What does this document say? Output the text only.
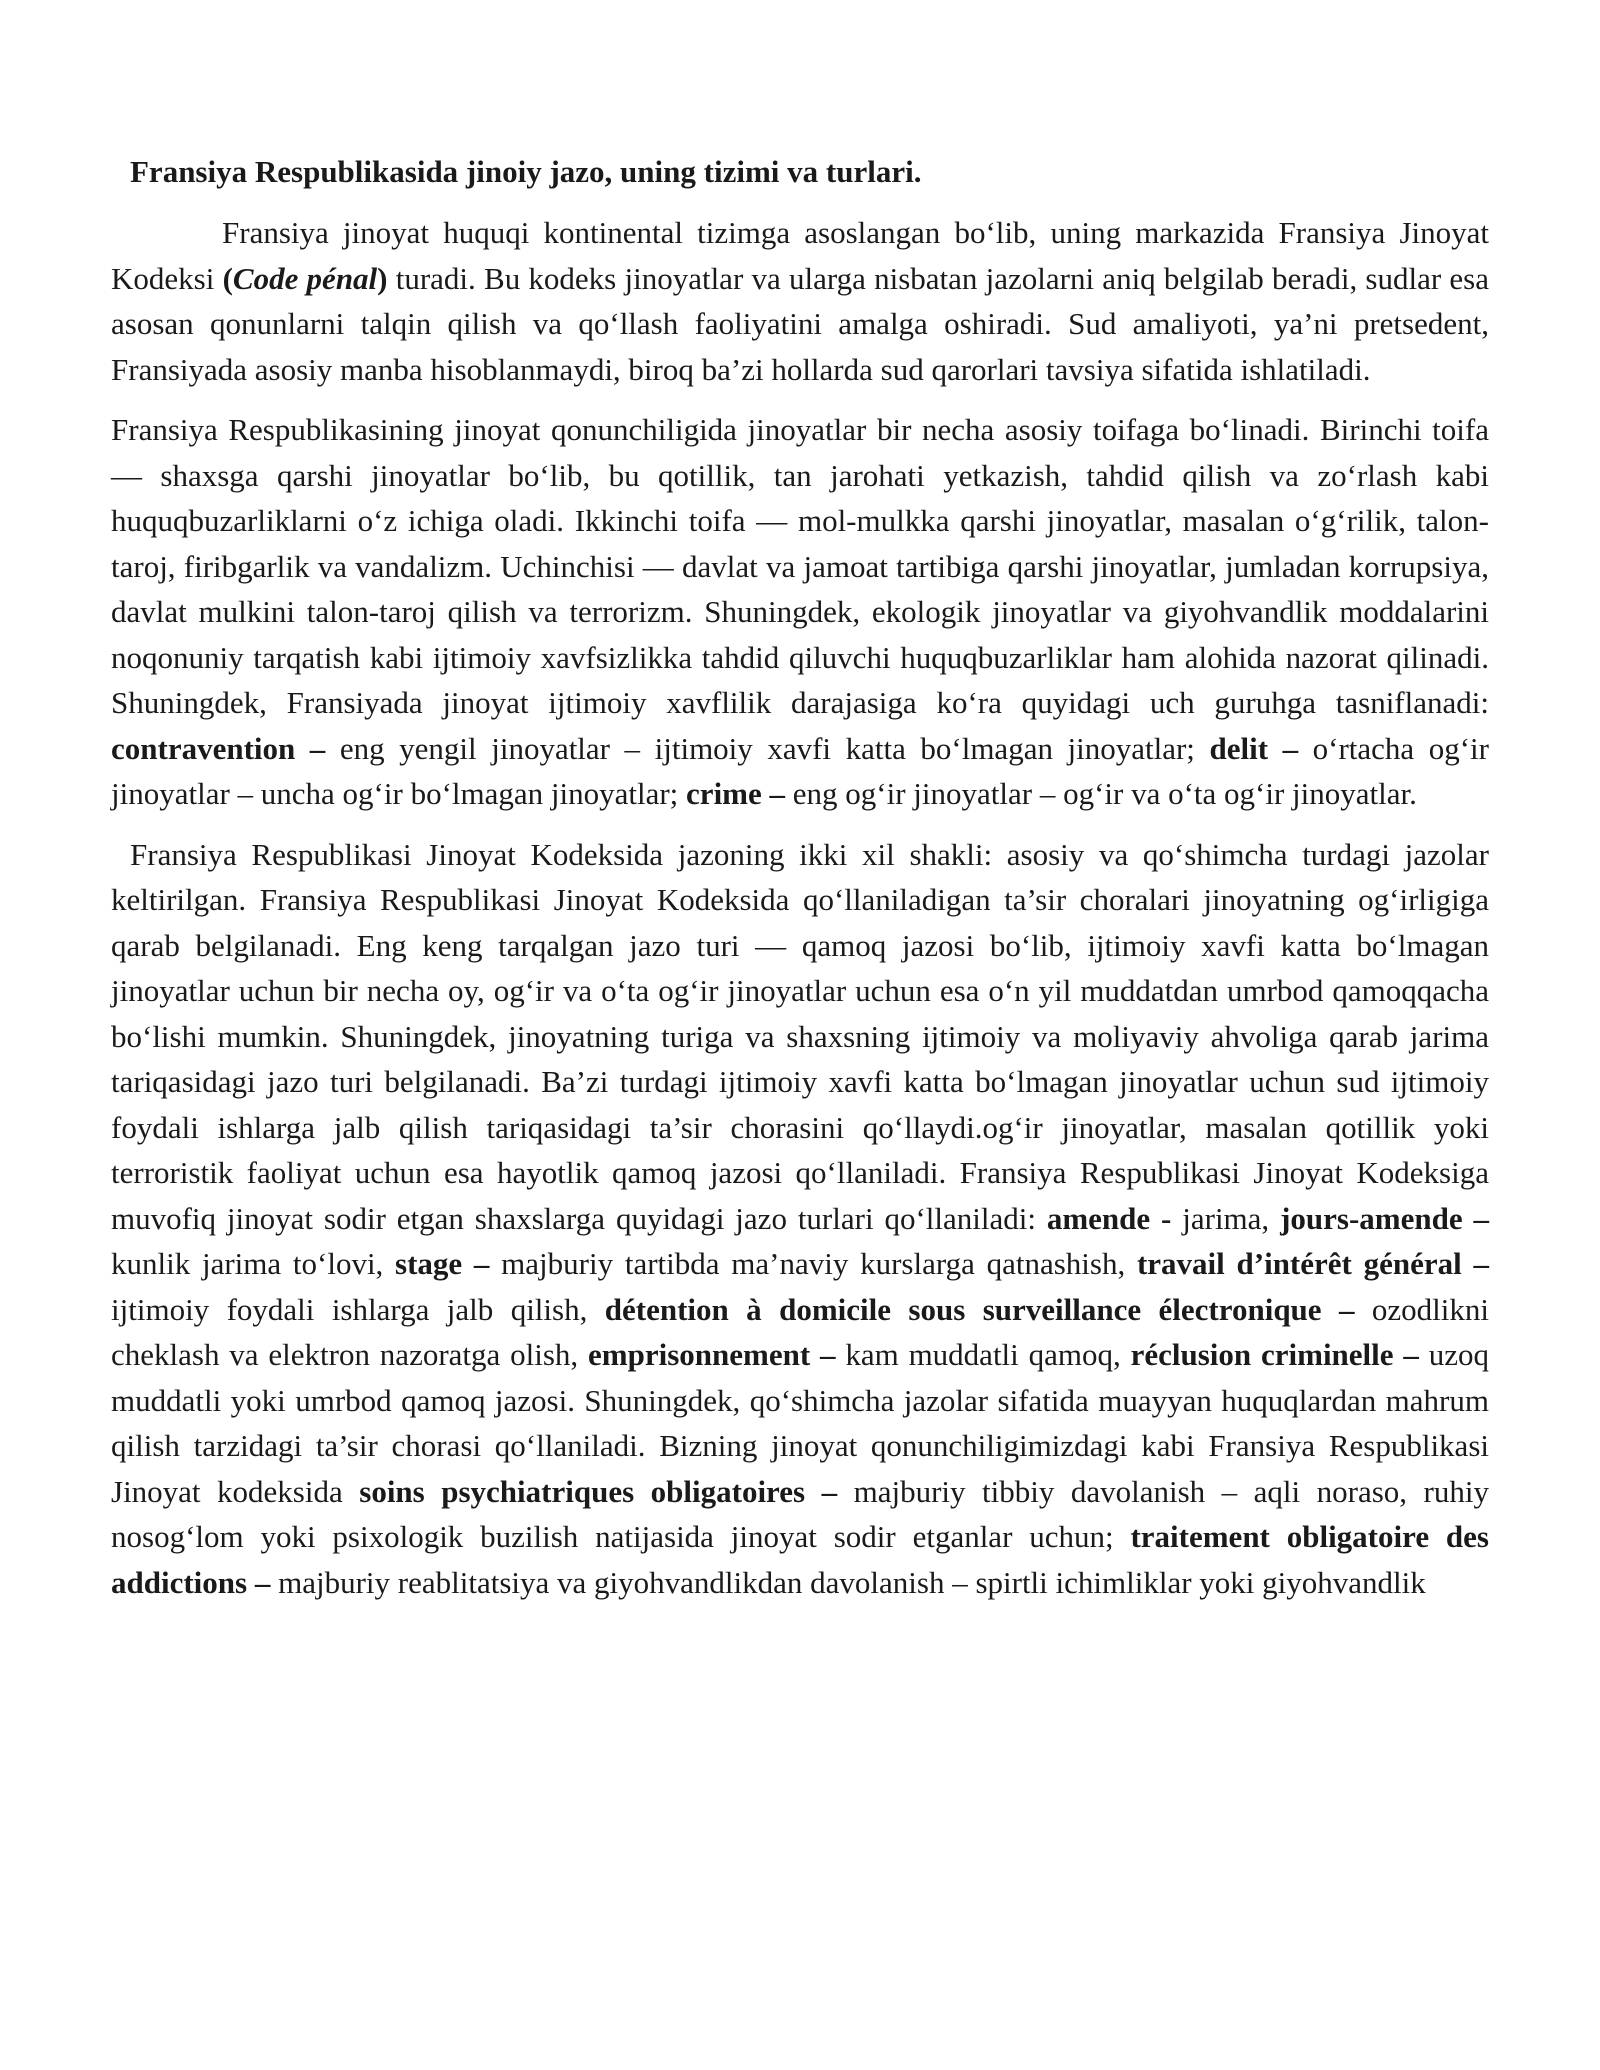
Fransiya Respublikasida jinoiy jazo, uning tizimi va turlari.

Fransiya jinoyat huquqi kontinental tizimga asoslangan bo‘lib, uning markazida Fransiya Jinoyat Kodeksi (Code pénal) turadi. Bu kodeks jinoyatlar va ularga nisbatan jazolarni aniq belgilab beradi, sudlar esa asosan qonunlarni talqin qilish va qo‘llash faoliyatini amalga oshiradi. Sud amaliyoti, ya’ni pretsedent, Fransiyada asosiy manba hisoblanmaydi, biroq ba’zi hollarda sud qarorlari tavsiya sifatida ishlatiladi.

Fransiya Respublikasining jinoyat qonunchiligida jinoyatlar bir necha asosiy toifaga bo‘linadi. Birinchi toifa — shaxsga qarshi jinoyatlar bo‘lib, bu qotillik, tan jarohati yetkazish, tahdid qilish va zo‘rlash kabi huquqbuzarliklarni o‘z ichiga oladi. Ikkinchi toifa — mol-mulkka qarshi jinoyatlar, masalan o‘g‘rilik, talon-taroj, firibgarlik va vandalizm. Uchinchisi — davlat va jamoat tartibiga qarshi jinoyatlar, jumladan korrupsiya, davlat mulkini talon-taroj qilish va terrorizm. Shuningdek, ekologik jinoyatlar va giyohvandlik moddalarini noqonuniy tarqatish kabi ijtimoiy xavfsizlikka tahdid qiluvchi huquqbuzarliklar ham alohida nazorat qilinadi. Shuningdek, Fransiyada jinoyat ijtimoiy xavflilik darajasiga ko‘ra quyidagi uch guruhga tasniflanadi: contravention – eng yengil jinoyatlar – ijtimoiy xavfi katta bo‘lmagan jinoyatlar; delit – o‘rtacha og‘ir jinoyatlar – uncha og‘ir bo‘lmagan jinoyatlar; crime – eng og‘ir jinoyatlar – og‘ir va o‘ta og‘ir jinoyatlar.

Fransiya Respublikasi Jinoyat Kodeksida jazoning ikki xil shakli: asosiy va qo‘shimcha turdagi jazolar keltirilgan. Fransiya Respublikasi Jinoyat Kodeksida qo‘llaniladigan ta’sir choralari jinoyatning og‘irligiga qarab belgilanadi. Eng keng tarqalgan jazo turi — qamoq jazosi bo‘lib, ijtimoiy xavfi katta bo‘lmagan jinoyatlar uchun bir necha oy, og‘ir va o‘ta og‘ir jinoyatlar uchun esa o‘n yil muddatdan umrbod qamoqqacha bo‘lishi mumkin. Shuningdek, jinoyatning turiga va shaxsning ijtimoiy va moliyaviy ahvoliga qarab jarima tariqasidagi jazo turi belgilanadi. Ba’zi turdagi ijtimoiy xavfi katta bo‘lmagan jinoyatlar uchun sud ijtimoiy foydali ishlarga jalb qilish tariqasidagi ta’sir chorasini qo‘llaydi.og‘ir jinoyatlar, masalan qotillik yoki terroristik faoliyat uchun esa hayotlik qamoq jazosi qo‘llaniladi. Fransiya Respublikasi Jinoyat Kodeksiga muvofiq jinoyat sodir etgan shaxslarga quyidagi jazo turlari qo‘llaniladi: amende - jarima, jours-amende – kunlik jarima to‘lovi, stage – majburiy tartibda ma’naviy kurslarga qatnashish, travail d’intérêt général – ijtimoiy foydali ishlarga jalb qilish, détention à domicile sous surveillance électronique – ozodlikni cheklash va elektron nazoratga olish, emprisonnement – kam muddatli qamoq, réclusion criminelle – uzoq muddatli yoki umrbod qamoq jazosi. Shuningdek, qo‘shimcha jazolar sifatida muayyan huquqlardan mahrum qilish tarzidagi ta’sir chorasi qo‘llaniladi. Bizning jinoyat qonunchiligimizdagi kabi Fransiya Respublikasi Jinoyat kodeksida soins psychiatriques obligatoires – majburiy tibbiy davolanish – aqli noraso, ruhiy nosog‘lom yoki psixologik buzilish natijasida jinoyat sodir etganlar uchun; traitement obligatoire des addictions – majburiy reablitatsiya va giyohvandlikdan davolanish – spirtli ichimliklar yoki giyohvandlik
